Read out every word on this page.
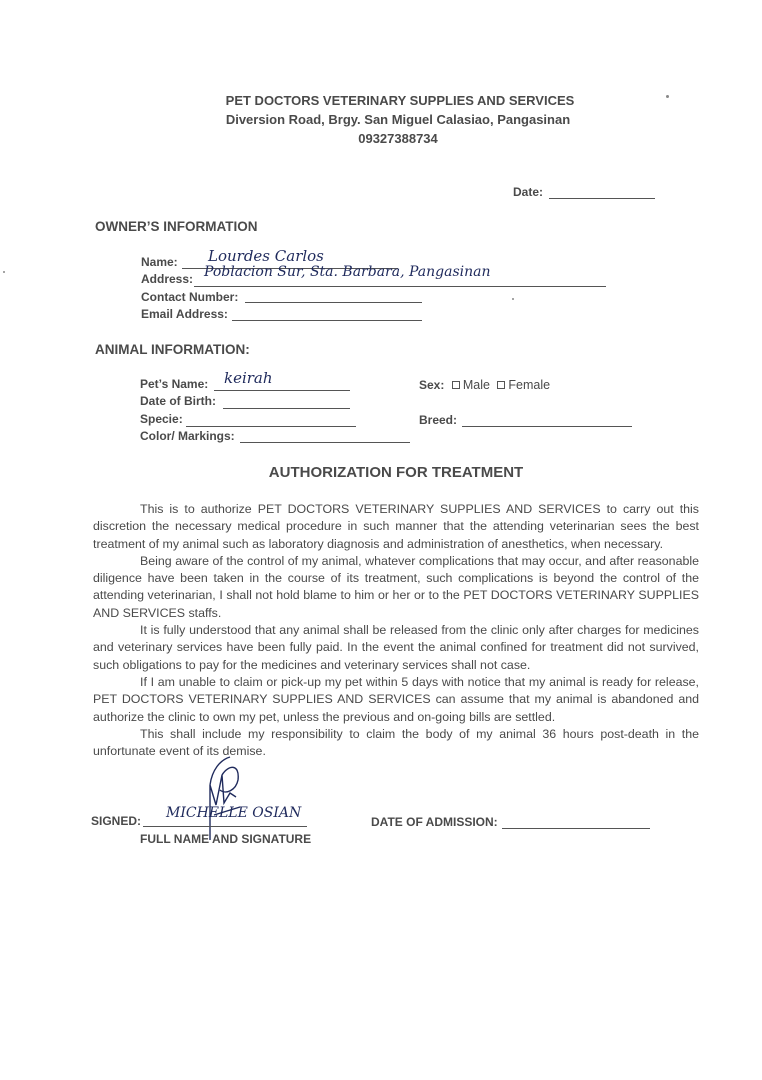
PET DOCTORS VETERINARY SUPPLIES AND SERVICES
Diversion Road, Brgy. San Miguel Calasiao, Pangasinan
09327388734
Date:
OWNER’S INFORMATION
Name: Lourdes Carlos
Address: Poblacion Sur, Sta. Barbara, Pangasinan
Contact Number:
Email Address:
ANIMAL INFORMATION:
Pet’s Name: keirah
Date of Birth:
Specie:
Color/ Markings:
Sex: Male Female
Breed:
AUTHORIZATION FOR TREATMENT

This is to authorize PET DOCTORS VETERINARY SUPPLIES AND SERVICES to carry out this discretion the necessary medical procedure in such manner that the attending veterinarian sees the best treatment of my animal such as laboratory diagnosis and administration of anesthetics, when necessary.

Being aware of the control of my animal, whatever complications that may occur, and after reasonable diligence have been taken in the course of its treatment, such complications is beyond the control of the attending veterinarian, I shall not hold blame to him or her or to the PET DOCTORS VETERINARY SUPPLIES AND SERVICES staffs.

It is fully understood that any animal shall be released from the clinic only after charges for medicines and veterinary services have been fully paid. In the event the animal confined for treatment did not survived, such obligations to pay for the medicines and veterinary services shall not case.

If I am unable to claim or pick-up my pet within 5 days with notice that my animal is ready for release, PET DOCTORS VETERINARY SUPPLIES AND SERVICES can assume that my animal is abandoned and authorize the clinic to own my pet, unless the previous and on-going bills are settled.

This shall include my responsibility to claim the body of my animal 36 hours post-death in the unfortunate event of its demise.

SIGNED: MICHELLE OSIAN
FULL NAME AND SIGNATURE
DATE OF ADMISSION:
